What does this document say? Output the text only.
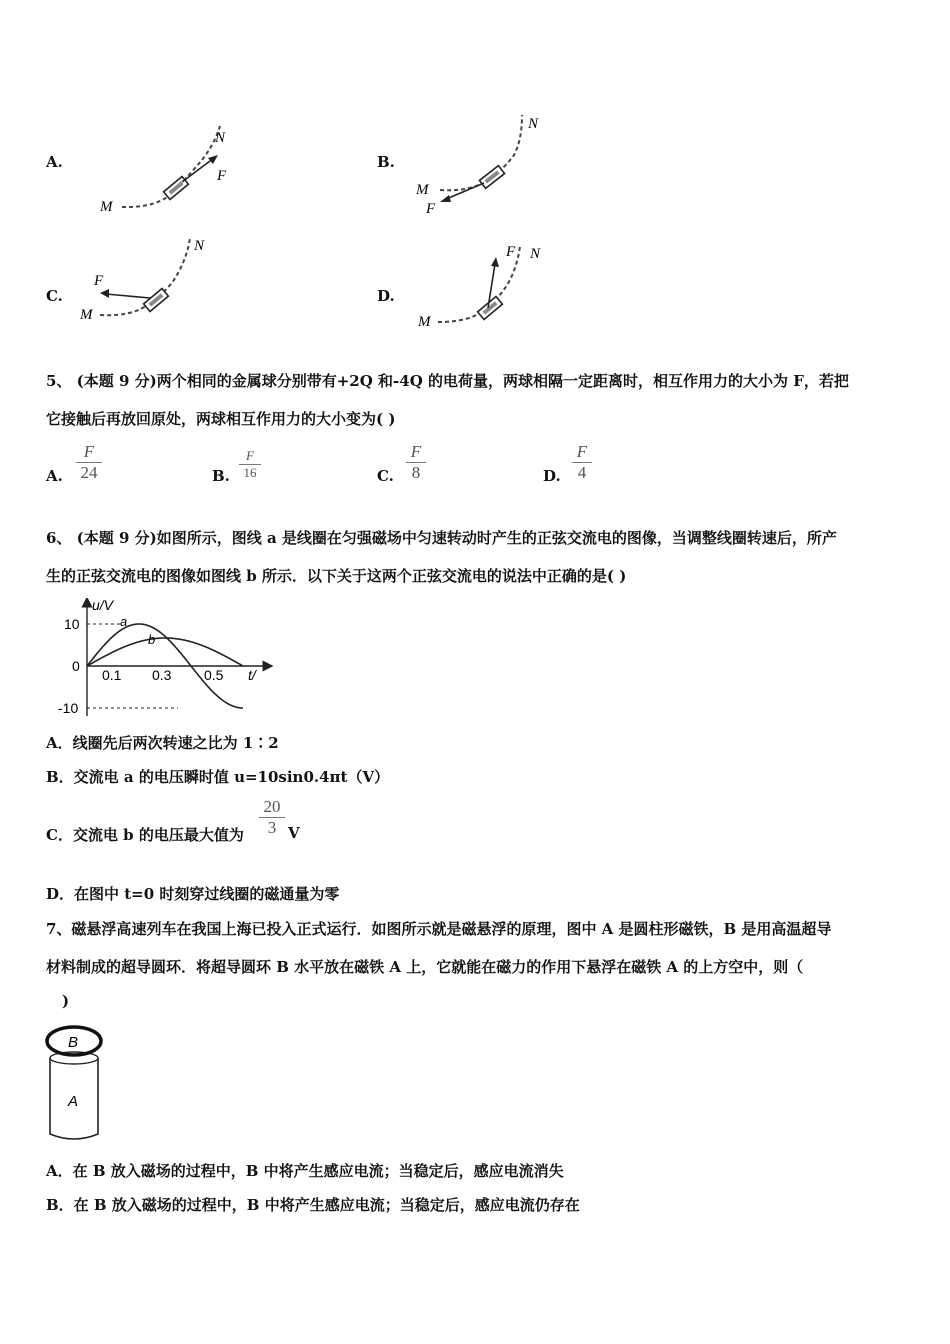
A.
M
N
F
B.
M
N
F
C.
M
N
F
D.
M
N
F
5、 (本题 9 分)两个相同的金属球分别带有+2Q 和-4Q 的电荷量，两球相隔一定距离时，相互作用力的大小为 F，若把
它接触后再放回原处，两球相互作用力的大小变为( )
A. $\frac{F}{24}$	B. $\frac{F}{16}$	C. $\frac{F}{8}$	D. $\frac{F}{4}$
6、 (本题 9 分)如图所示，图线 a 是线圈在匀强磁场中匀速转动时产生的正弦交流电的图像，当调整线圈转速后，所产
生的正弦交流电的图像如图线 b 所示．以下关于这两个正弦交流电的说法中正确的是( )
u/V
t/
10
0
-10
0.1 0.3 0.5
a
b
A．线圈先后两次转速之比为 1∶2
B．交流电 a 的电压瞬时值 u=10sin0.4πt（V）
C．交流电 b 的电压最大值为 $\frac{20}{3}$ V
D．在图中 t=0 时刻穿过线圈的磁通量为零
7、磁悬浮高速列车在我国上海已投入正式运行．如图所示就是磁悬浮的原理，图中 A 是圆柱形磁铁，B 是用高温超导
材料制成的超导圆环．将超导圆环 B 水平放在磁铁 A 上，它就能在磁力的作用下悬浮在磁铁 A 的上方空中，则（
)
B
A
A．在 B 放入磁场的过程中，B 中将产生感应电流；当稳定后，感应电流消失
B．在 B 放入磁场的过程中，B 中将产生感应电流；当稳定后，感应电流仍存在
